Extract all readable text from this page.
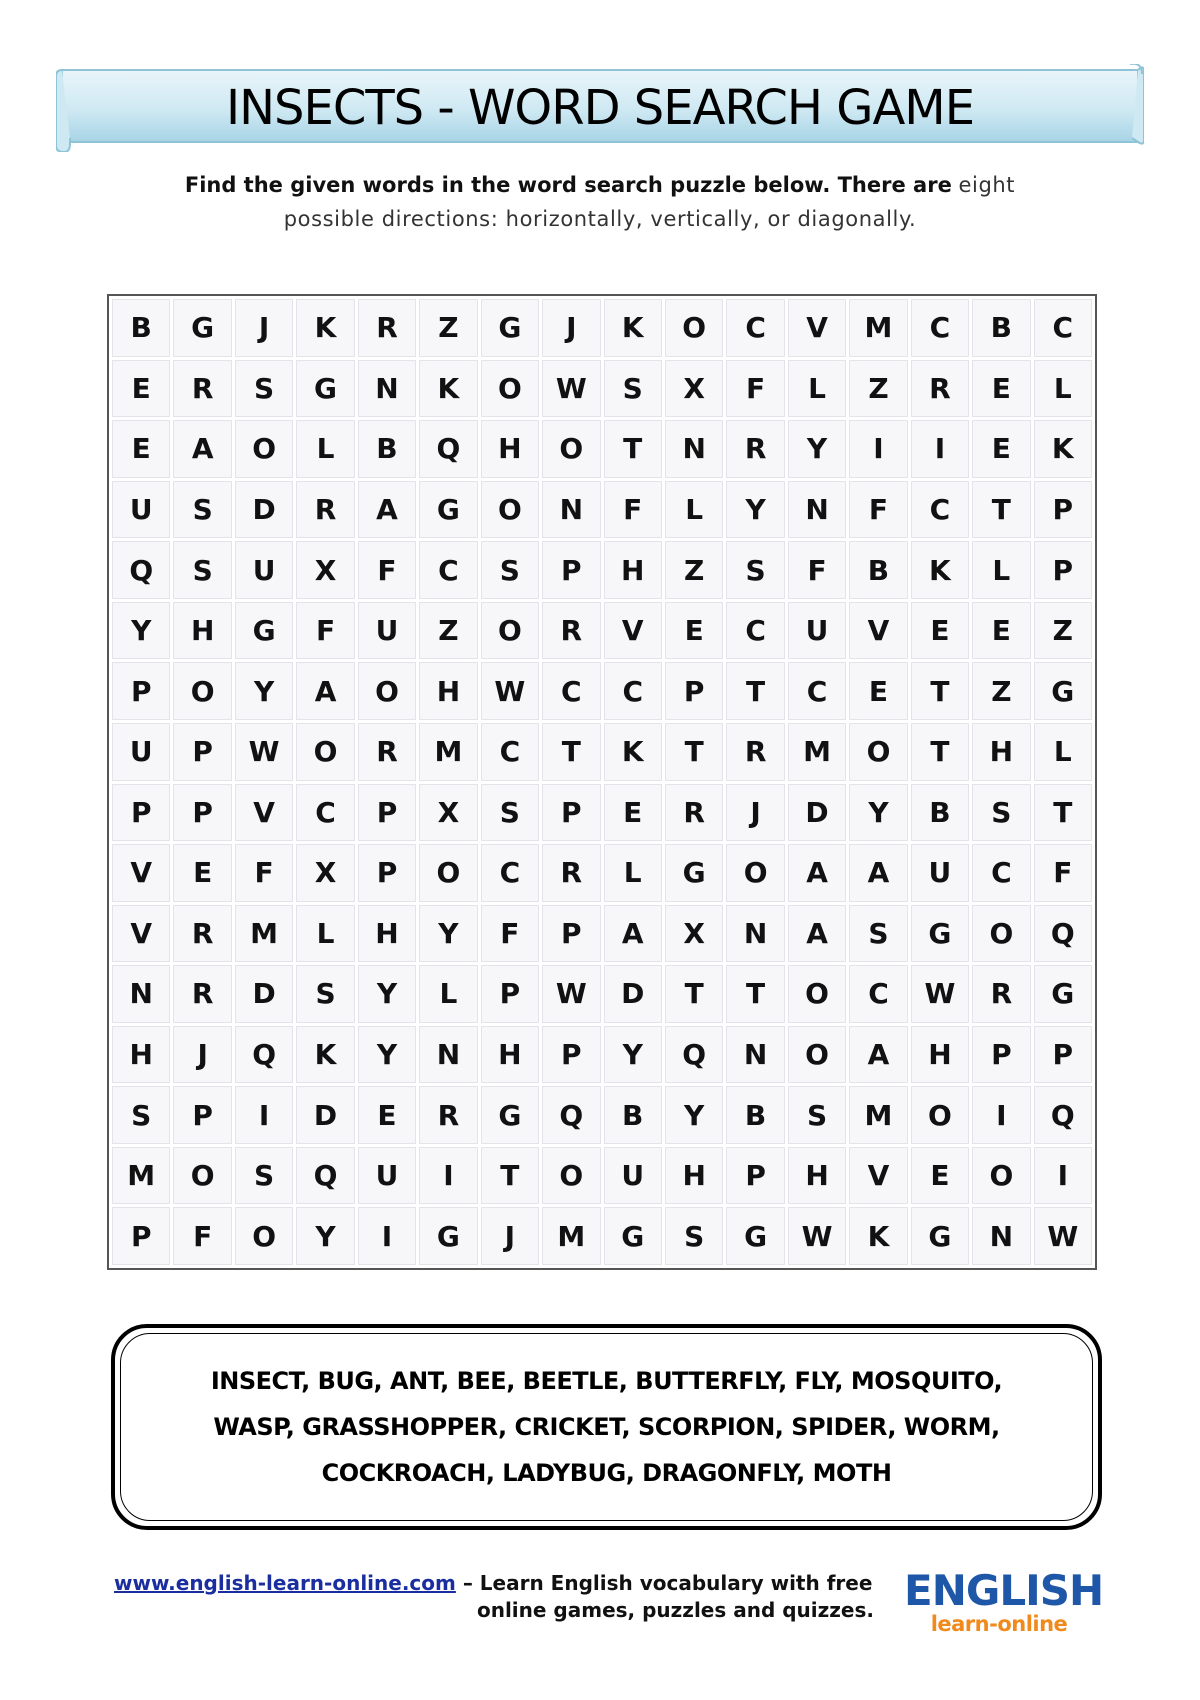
INSECTS - WORD SEARCH GAME
Find the given words in the word search puzzle below. There are eight
possible directions: horizontally, vertically, or diagonally.
B	G	J	K	R	Z	G	J	K	O	C	V	M	C	B	C
E	R	S	G	N	K	O	W	S	X	F	L	Z	R	E	L
E	A	O	L	B	Q	H	O	T	N	R	Y	I	I	E	K
U	S	D	R	A	G	O	N	F	L	Y	N	F	C	T	P
Q	S	U	X	F	C	S	P	H	Z	S	F	B	K	L	P
Y	H	G	F	U	Z	O	R	V	E	C	U	V	E	E	Z
P	O	Y	A	O	H	W	C	C	P	T	C	E	T	Z	G
U	P	W	O	R	M	C	T	K	T	R	M	O	T	H	L
P	P	V	C	P	X	S	P	E	R	J	D	Y	B	S	T
V	E	F	X	P	O	C	R	L	G	O	A	A	U	C	F
V	R	M	L	H	Y	F	P	A	X	N	A	S	G	O	Q
N	R	D	S	Y	L	P	W	D	T	T	O	C	W	R	G
H	J	Q	K	Y	N	H	P	Y	Q	N	O	A	H	P	P
S	P	I	D	E	R	G	Q	B	Y	B	S	M	O	I	Q
M	O	S	Q	U	I	T	O	U	H	P	H	V	E	O	I
P	F	O	Y	I	G	J	M	G	S	G	W	K	G	N	W
INSECT, BUG, ANT, BEE, BEETLE, BUTTERFLY, FLY, MOSQUITO,
WASP, GRASSHOPPER, CRICKET, SCORPION, SPIDER, WORM,
COCKROACH, LADYBUG, DRAGONFLY, MOTH
www.english-learn-online.com – Learn English vocabulary with free
online games, puzzles and quizzes. ENGLISH
learn-online
